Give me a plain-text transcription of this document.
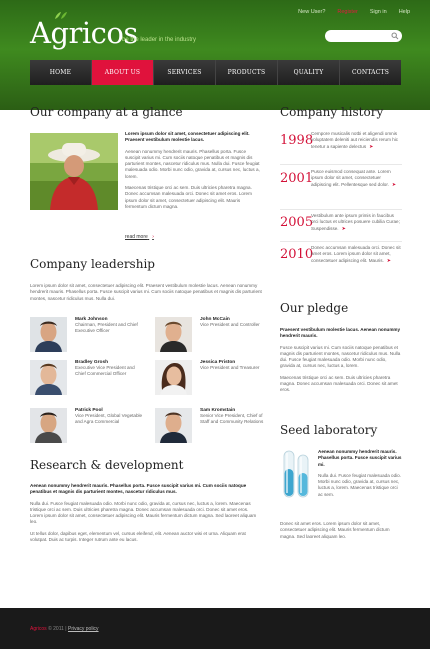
Agricos
be the leader in the industry
New User? Register Sign in Help
HOME	ABOUT US	SERVICES	PRODUCTS	QUALITY	CONTACTS
Our company at a glance

Lorem ipsum dolor sit amet, consectetuer adipiscing elit. Praesent vestibulum molestie lacus.

Aenean nonummy hendrerit mauris. Phasellus porta. Fusce suscipit varius mi. Cum sociis natoque penatibus et magnis dis parturient montes, nascetur ridiculus mus. Nulla dui. Fusce feugiat malesuada odio. Morbi nunc odio, gravida at, cursus nec, luctus a, lorem.

Maecenas tristique orci ac sem. Duis ultricies pharetra magna. Donec accumsan malesuada orci. Donec sit amet eros. Lorem ipsum dolor sit amet, consectetuer adipiscing elit. Mauris fermentum dictum magna.

read more ›
Company leadership

Lorem ipsum dolor sit amet, consectetuer adipiscing elit. Praesent vestibulum molestie lacus. Aenean nonummy hendrerit mauris. Phasellus porta. Fusce suscipit varius mi. Cum sociis natoque penatibus et magnis dis parturient montes, nascetur ridiculus mus. Nulla dui.

Mark Johnson
Chairman, President and Chief Executive Officer
John McCain
Vice President and Controller
Bradley Grosh
Executive Vice President and Chief Commercial Officer
Jessica Priston
Vice President and Treasurer
Patrick Pool
Vice President, Global Vegetable and Agra Commercial
Sam Kromstain
Senior Vice President, Chief of Staff and Community Relations
Research & development

Aenean nonummy hendrerit mauris. Phasellus porta. Fusce suscipit varius mi. Cum sociis natoque penatibus et magnis dis parturient montes, nascetur ridiculus mus.

Nulla dui. Fusce feugiat malesuada odio. Morbi nunc odio, gravida at, cursus nec, luctus a, lorem. Maecenas tristique orci ac sem. Duis ultricies pharetra magna. Donec accumsan malesuada orci. Donec sit amet eros. Lorem ipsum dolor sit amet, consectetuer adipiscing elit. Mauris fermentum dictum magna. Sed laoreet aliquam leo.

Ut tellus dolor, dapibus eget, elementum vel, cursus eleifend, elit. Aenean auctor wisi et urna. Aliquam erat volutpat. Duis ac turpis. Integer rutrum ante eu lacus.

Company history
1998
Cempore musicalis notbi et aligendi omnis voluptatem deleniti aut reiciendis rerum hic tenetur a sapiente delectus ➤
2001
Pusce euismod consequat ante. Lorem ipsum dolor sit amet, consectetuer adipiscing elit. Pellentesque sed dolor. ➤
2005
Vestibulum ante ipsum primis in faucibus orci luctus et ultrices posuere cubilia Curae; Suspendisse. ➤
2010
Donec accumsan malesuada orci. Donec sit amet eros. Lorem ipsum dolor sit amet, consectetuer adipiscing elit. Mauris. ➤
Our pledge

Praesent vestibulum molestie lacus. Aenean nonummy hendrerit mauris.

Fusce suscipit varius mi. Cum sociis natoque penatibus et magnis dis parturient montes, nascetur ridiculus mus. Nulla dui. Fusce feugiat malesuada odio. Morbi nunc odio, gravida at, cursus nec, luctus a, lorem.

Maecenas tristique orci ac sem. Duis ultricies pharetra magna. Donec accumsan malesuada orci. Donec sit amet eros.

Seed laboratory

Aenean nonummy hendrerit mauris. Phasellus porta. Fusce suscipit varius mi.

Nulla dui. Fusce feugiat malesuada odio. Morbi nunc odio, gravida at, cursus nec, luctus a, lorem. Maecenas tristique orci ac sem.

Donec sit amet eros. Lorem ipsum dolor sit amet, consectetuer adipiscing elit. Mauris fermentum dictum magna. Sed laoreet aliquam leo.

Agricos © 2011 | Privacy policy
